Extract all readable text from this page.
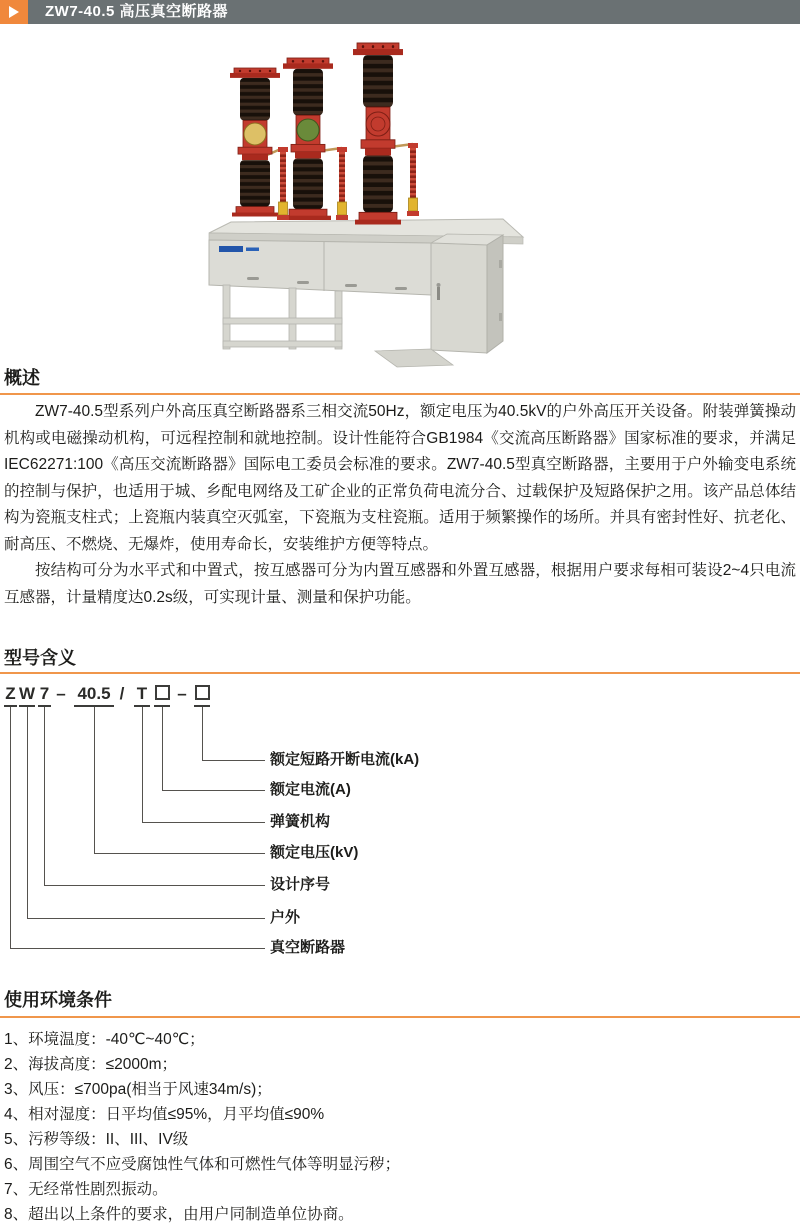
ZW7-40.5 高压真空断路器
概述

ZW7-40.5型系列户外高压真空断路器系三相交流50Hz，额定电压为40.5kV的户外高压开关设备。附装弹簧操动机构或电磁操动机构，可远程控制和就地控制。设计性能符合GB1984《交流高压断路器》国家标准的要求，并满足IEC62271:100《高压交流断路器》国际电工委员会标准的要求。ZW7-40.5型真空断路器，主要用于户外输变电系统的控制与保护，也适用于城、乡配电网络及工矿企业的正常负荷电流分合、过载保护及短路保护之用。该产品总体结构为瓷瓶支柱式；上瓷瓶内装真空灭弧室，下瓷瓶为支柱瓷瓶。适用于频繁操作的场所。并具有密封性好、抗老化、耐高压、不燃烧、无爆炸，使用寿命长，安装维护方便等特点。

按结构可分为水平式和中置式，按互感器可分为内置互感器和外置互感器，根据用户要求每相可装设2~4只电流互感器，计量精度达0.2s级，可实现计量、测量和保护功能。

型号含义
Z W 7 – 40.5 / T –
额定短路开断电流(kA)
额定电流(A)
弹簧机构
额定电压(kV)
设计序号
户外
真空断路器
使用环境条件
1、环境温度：-40℃~40℃；
2、海拔高度：≤2000m；
3、风压：≤700pa(相当于风速34m/s)；
4、相对湿度：日平均值≤95%，月平均值≤90%
5、污秽等级：II、III、IV级
6、周围空气不应受腐蚀性气体和可燃性气体等明显污秽；
7、无经常性剧烈振动。
8、超出以上条件的要求，由用户同制造单位协商。
